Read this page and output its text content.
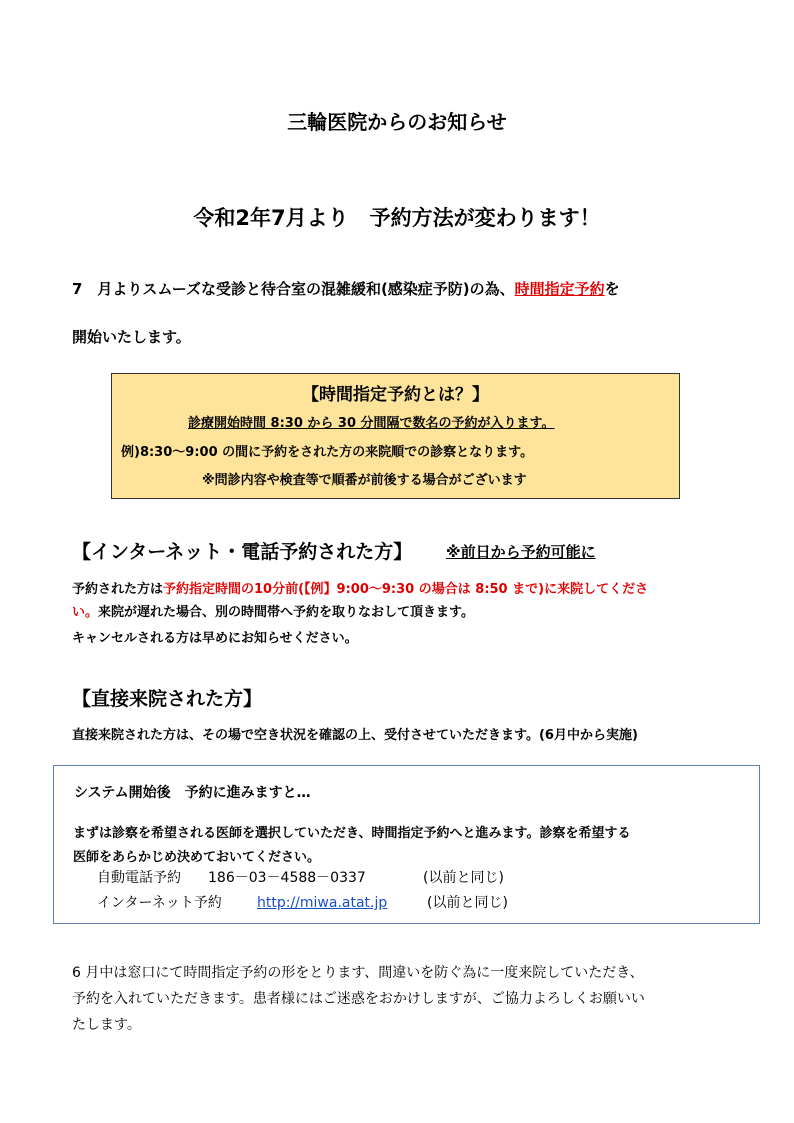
三輪医院からのお知らせ
令和2年7月より　予約方法が変わります！
7　月よりスムーズな受診と待合室の混雑緩和(感染症予防)の為、時間指定予約を
開始いたします。
【時間指定予約とは？】
診療開始時間 8:30 から 30 分間隔で数名の予約が入ります。
例)8:30～9:00 の間に予約をされた方の来院順での診察となります。
※問診内容や検査等で順番が前後する場合がございます
【インターネット・電話予約された方】 ※前日から予約可能に
予約された方は予約指定時間の10分前(【例】9:00～9:30 の場合は 8:50 まで)に来院してくださ
い。来院が遅れた場合、別の時間帯へ予約を取りなおして頂きます。
キャンセルされる方は早めにお知らせください。
【直接来院された方】
直接来院された方は、その場で空き状況を確認の上、受付させていただきます。(6月中から実施)
システム開始後　予約に進みますと…
まずは診察を希望される医師を選択していただき、時間指定予約へと進みます。診察を希望する
医師をあらかじめ決めておいてください。
自動電話予約 186－03－4588－0337	(以前と同じ)
インターネット予約	http://miwa.atat.jp	(以前と同じ)
6 月中は窓口にて時間指定予約の形をとります、間違いを防ぐ為に一度来院していただき、
予約を入れていただきます。患者様にはご迷惑をおかけしますが、ご協力よろしくお願いい
たします。
